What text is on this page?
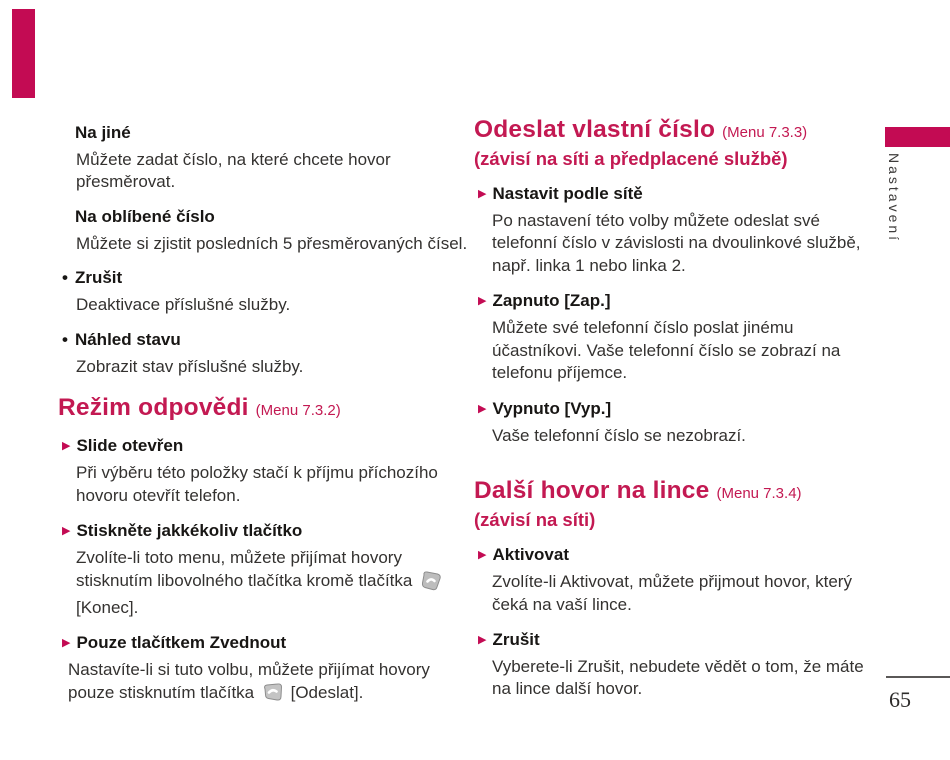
Na jiné
Můžete zadat číslo, na které chcete hovor přesměrovat.
Na oblíbené číslo
Můžete si zjistit posledních 5 přesměrovaných čísel.
• Zrušit
Deaktivace příslušné služby.
• Náhled stavu
Zobrazit stav příslušné služby.
Režim odpovědi (Menu 7.3.2)
▶ Slide otevřen
Při výběru této položky stačí k příjmu příchozího hovoru otevřít telefon.
▶ Stiskněte jakkékoliv tlačítko
Zvolíte-li toto menu, můžete přijímat hovory stisknutím libovolného tlačítka kromě tlačítka  [Konec].
▶ Pouze tlačítkem Zvednout
Nastavíte-li si tuto volbu, můžete přijímat hovory pouze stisknutím tlačítka [Odeslat].
Odeslat vlastní číslo (Menu 7.3.3)
(závisí na síti a předplacené službě)
▶ Nastavit podle sítě
Po nastavení této volby můžete odeslat své telefonní číslo v závislosti na dvoulinkové službě, např. linka 1 nebo linka 2.
▶ Zapnuto [Zap.]
Můžete své telefonní číslo poslat jinému účastníkovi. Vaše telefonní číslo se zobrazí na telefonu příjemce.
▶ Vypnuto [Vyp.]
Vaše telefonní číslo se nezobrazí.
Další hovor na lince (Menu 7.3.4)
(závisí na síti)
▶ Aktivovat
Zvolíte-li Aktivovat, můžete přijmout hovor, který čeká na vaší lince.
▶ Zrušit
Vyberete-li Zrušit, nebudete vědět o tom, že máte na lince další hovor.
Nastavení
65
